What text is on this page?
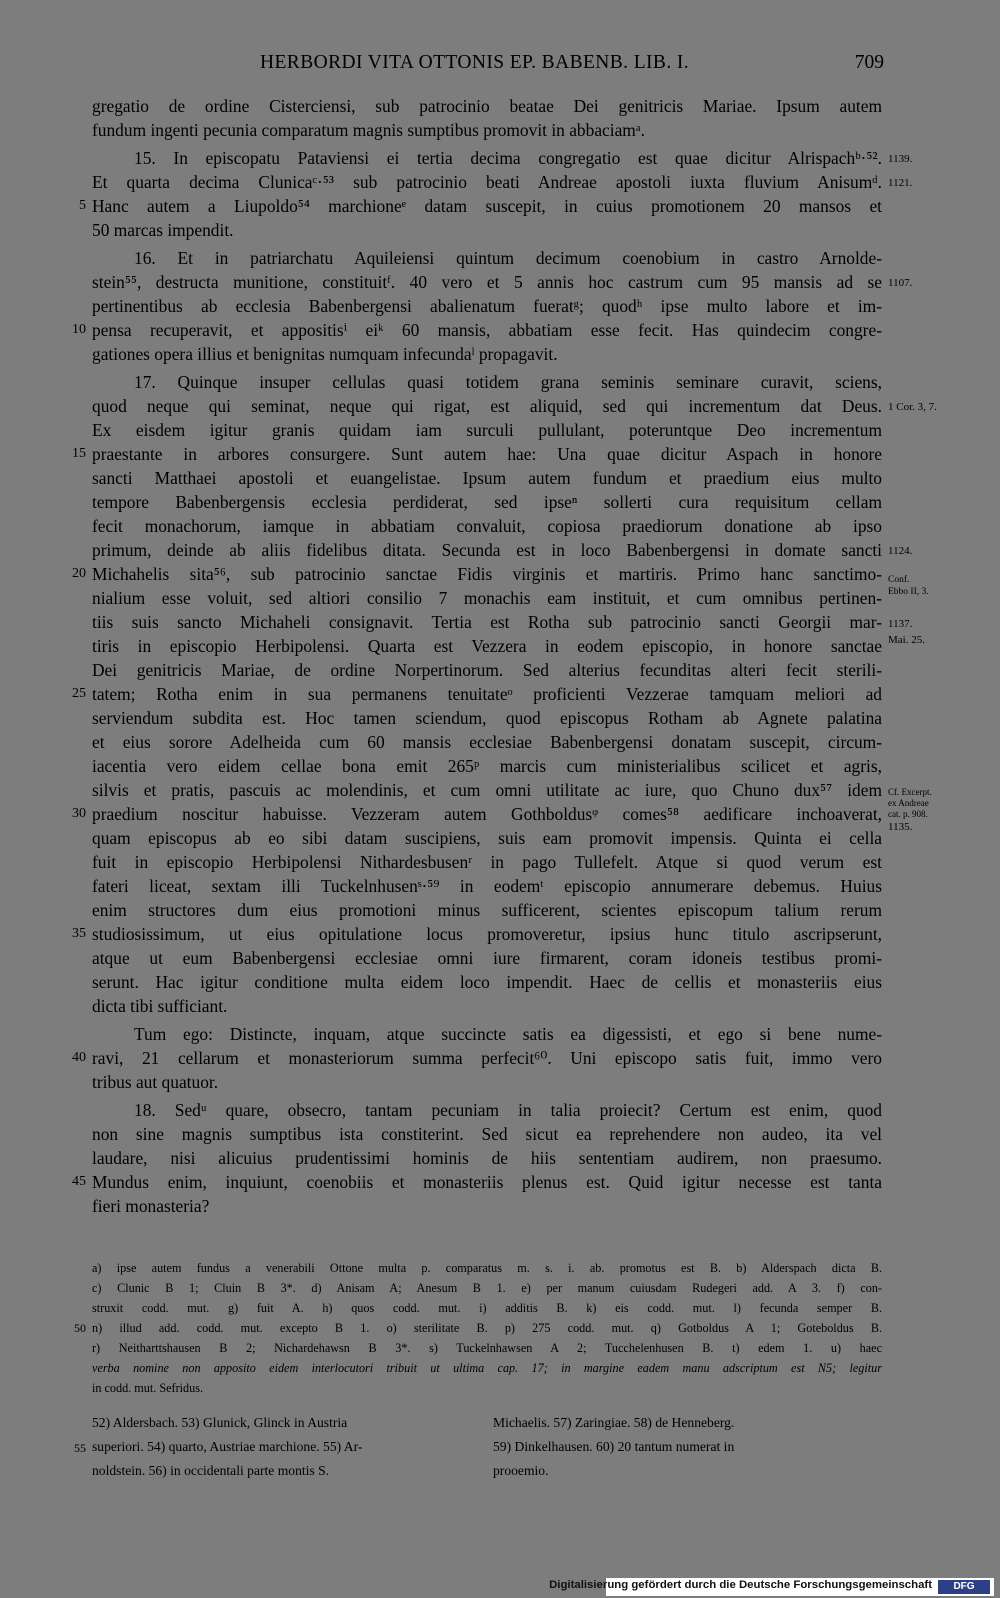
HERBORDI VITA OTTONIS EP. BABENB. LIB. I.	709
gregatio de ordine Cisterciensi, sub patrocinio beatae Dei genitricis Mariae. Ipsum autem
fundum ingenti pecunia comparatum magnis sumptibus promovit in abbaciamᵃ.
15. In episcopatu Pataviensi ei tertia decima congregatio est quae dicitur Alrispachᵇ·⁵².
Et quarta decima Clunicaᶜ·⁵³ sub patrocinio beati Andreae apostoli iuxta fluvium Anisumᵈ.
Hanc autem a Liupoldo⁵⁴ marchioneᵉ datam suscepit, in cuius promotionem 20 mansos et
50 marcas impendit.
16. Et in patriarchatu Aquileiensi quintum decimum coenobium in castro Arnolde-
stein⁵⁵, destructa munitione, constituitᶠ. 40 vero et 5 annis hoc castrum cum 95 mansis ad se
pertinentibus ab ecclesia Babenbergensi abalienatum fueratᵍ; quodʰ ipse multo labore et im-
pensa recuperavit, et appositisⁱ eiᵏ 60 mansis, abbatiam esse fecit. Has quindecim congre-
gationes opera illius et benignitas numquam infecundaˡ propagavit.
17. Quinque insuper cellulas quasi totidem grana seminis seminare curavit, sciens,
quod neque qui seminat, neque qui rigat, est aliquid, sed qui incrementum dat Deus.
Ex eisdem igitur granis quidam iam surculi pullulant, poteruntque Deo incrementum
praestante in arbores consurgere. Sunt autem hae: Una quae dicitur Aspach in honore
sancti Matthaei apostoli et euangelistae. Ipsum autem fundum et praedium eius multo
tempore Babenbergensis ecclesia perdiderat, sed ipseⁿ sollerti cura requisitum cellam
fecit monachorum, iamque in abbatiam convaluit, copiosa praediorum donatione ab ipso
primum, deinde ab aliis fidelibus ditata. Secunda est in loco Babenbergensi in domate sancti
Michahelis sita⁵⁶, sub patrocinio sanctae Fidis virginis et martiris. Primo hanc sanctimo-
nialium esse voluit, sed altiori consilio 7 monachis eam instituit, et cum omnibus pertinen-
tiis suis sancto Michaheli consignavit. Tertia est Rotha sub patrocinio sancti Georgii mar-
tiris in episcopio Herbipolensi. Quarta est Vezzera in eodem episcopio, in honore sanctae
Dei genitricis Mariae, de ordine Norpertinorum. Sed alterius fecunditas alteri fecit sterili-
tatem; Rotha enim in sua permanens tenuitateᵒ proficienti Vezzerae tamquam meliori ad
serviendum subdita est. Hoc tamen sciendum, quod episcopus Rotham ab Agnete palatina
et eius sorore Adelheida cum 60 mansis ecclesiae Babenbergensi donatam suscepit, circum-
iacentia vero eidem cellae bona emit 265ᵖ marcis cum ministerialibus scilicet et agris,
silvis et pratis, pascuis ac molendinis, et cum omni utilitate ac iure, quo Chuno dux⁵⁷ idem
praedium noscitur habuisse. Vezzeram autem Gothboldusᵠ comes⁵⁸ aedificare inchoaverat,
quam episcopus ab eo sibi datam suscipiens, suis eam promovit impensis. Quinta ei cella
fuit in episcopio Herbipolensi Nithardesbusenʳ in pago Tullefelt. Atque si quod verum est
fateri liceat, sextam illi Tuckelnhusenˢ·⁵⁹ in eodemᵗ episcopio annumerare debemus. Huius
enim structores dum eius promotioni minus sufficerent, scientes episcopum talium rerum
studiosissimum, ut eius opitulatione locus promoveretur, ipsius hunc titulo ascripserunt,
atque ut eum Babenbergensi ecclesiae omni iure firmarent, coram idoneis testibus promi-
serunt. Hac igitur conditione multa eidem loco impendit. Haec de cellis et monasteriis eius
dicta tibi sufficiant.
Tum ego: Distincte, inquam, atque succincte satis ea digessisti, et ego si bene nume-
ravi, 21 cellarum et monasteriorum summa perfecit⁶⁰. Uni episcopo satis fuit, immo vero
tribus aut quatuor.
18. Sedᵘ quare, obsecro, tantam pecuniam in talia proiecit? Certum est enim, quod
non sine magnis sumptibus ista constiterint. Sed sicut ea reprehendere non audeo, ita vel
laudare, nisi alicuius prudentissimi hominis de hiis sententiam audirem, non praesumo.
Mundus enim, inquiunt, coenobiis et monasteriis plenus est. Quid igitur necesse est tanta
fieri monasteria?
5
10
15
20
25
30
35
40
45
1139.
1121.
1107.
1 Cor. 3, 7.
1124.
Conf.
Ebbo II, 3.
1137.
Mai. 25.
Cf. Excerpt.
ex Andreae
cat. p. 908.
1135.
a) ipse autem fundus a venerabili Ottone multa p. comparatus m. s. i. ab. promotus est B. b) Alderspach dicta B.
c) Clunic B 1; Cluin B 3*. d) Anisam A; Anesum B 1. e) per manum cuiusdam Rudegeri add. A 3. f) con-
struxit codd. mut. g) fuit A. h) quos codd. mut. i) additis B. k) eis codd. mut. l) fecunda semper B.
n) illud add. codd. mut. excepto B 1. o) sterilitate B. p) 275 codd. mut. q) Gotboldus A 1; Goteboldus B.
r) Neitharttshausen B 2; Nichardehawsn B 3*. s) Tuckelnhawsen A 2; Tucchelenhusen B. t) edem 1. u) haec
verba nomine non apposito eidem interlocutori tribuit ut ultima cap. 17; in margine eadem manu adscriptum est N5; legitur
in codd. mut. Sefridus.
50
52) Aldersbach. 53) Glunick, Glinck in Austria
superiori. 54) quarto, Austriae marchione. 55) Ar-
noldstein. 56) in occidentali parte montis S.
Michaelis. 57) Zaringiae. 58) de Henneberg.
59) Dinkelhausen. 60) 20 tantum numerat in
prooemio.
55
Digitalisierung gefördert durch die Deutsche Forschungsgemeinschaft	DFG
